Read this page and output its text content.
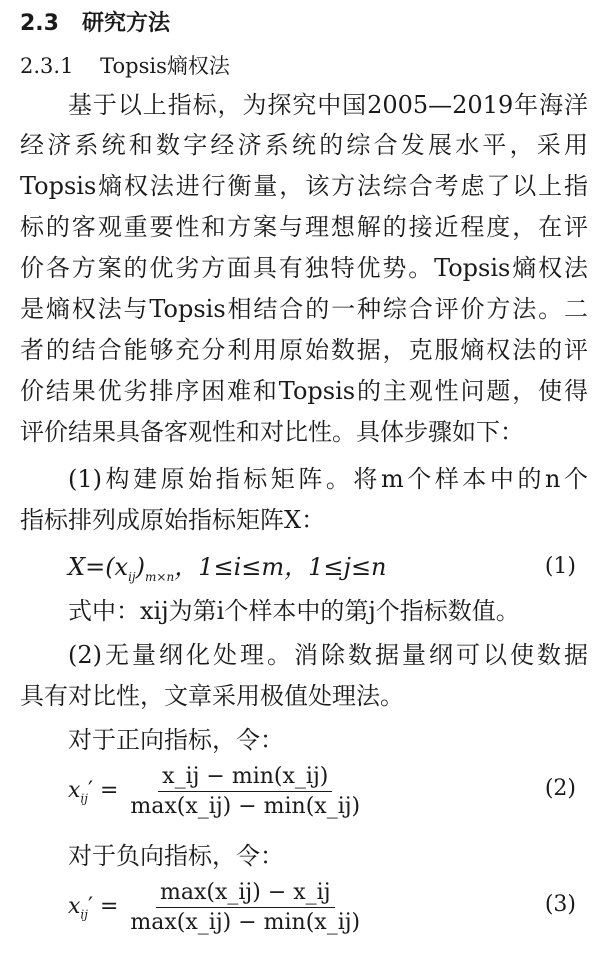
2.3 研究方法
2.3.1 Topsis熵权法
基于以上指标，为探究中国2005—2019年海洋
经济系统和数字经济系统的综合发展水平，采用
Topsis熵权法进行衡量，该方法综合考虑了以上指
标的客观重要性和方案与理想解的接近程度，在评
价各方案的优劣方面具有独特优势。Topsis熵权法
是熵权法与Topsis相结合的一种综合评价方法。二
者的结合能够充分利用原始数据，克服熵权法的评
价结果优劣排序困难和Topsis的主观性问题，使得
评价结果具备客观性和对比性。具体步骤如下：
(1)构建原始指标矩阵。将m个样本中的n个
指标排列成原始指标矩阵X：
$X=(x_{ij})_{m\times n}$，1≤i≤m，1≤j≤n	(1)
式中：xij为第i个样本中的第j个指标数值。
(2)无量纲化处理。消除数据量纲可以使数据
具有对比性，文章采用极值处理法。
对于正向指标，令：
$x_{ij}' = \frac{x\_ij - \min(x\_ij)}{\max(x\_ij) - \min(x\_ij)}$	(2)
对于负向指标，令：
$x_{ij}' = \frac{\max(x\_ij) - x\_ij}{\max(x\_ij) - \min(x\_ij)}$	(3)
